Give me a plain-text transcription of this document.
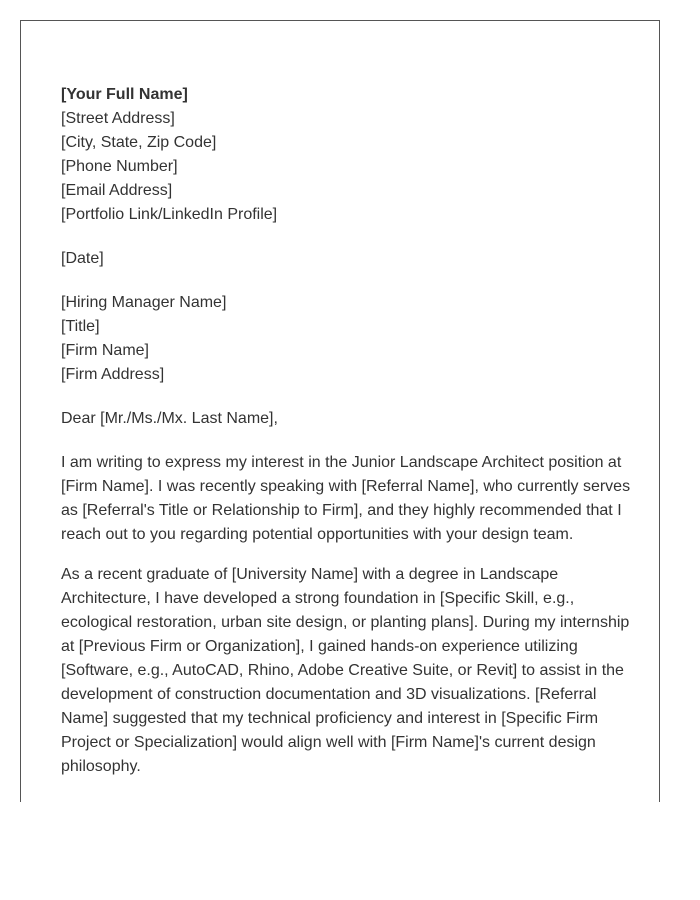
[Your Full Name]
[Street Address]
[City, State, Zip Code]
[Phone Number]
[Email Address]
[Portfolio Link/LinkedIn Profile]
[Date]
[Hiring Manager Name]
[Title]
[Firm Name]
[Firm Address]
Dear [Mr./Ms./Mx. Last Name],

I am writing to express my interest in the Junior Landscape Architect position at [Firm Name]. I was recently speaking with [Referral Name], who currently serves as [Referral's Title or Relationship to Firm], and they highly recommended that I reach out to you regarding potential opportunities with your design team.

As a recent graduate of [University Name] with a degree in Landscape Architecture, I have developed a strong foundation in [Specific Skill, e.g., ecological restoration, urban site design, or planting plans]. During my internship at [Previous Firm or Organization], I gained hands-on experience utilizing [Software, e.g., AutoCAD, Rhino, Adobe Creative Suite, or Revit] to assist in the development of construction documentation and 3D visualizations. [Referral Name] suggested that my technical proficiency and interest in [Specific Firm Project or Specialization] would align well with [Firm Name]'s current design philosophy.
